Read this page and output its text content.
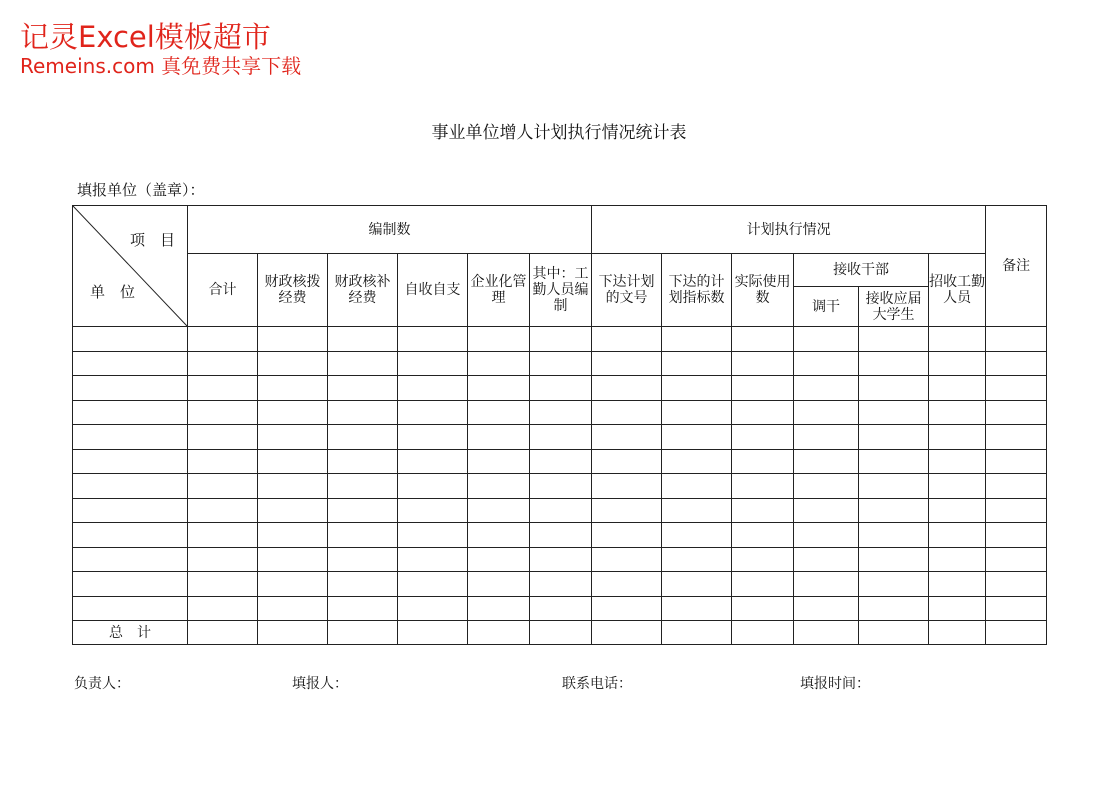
记灵Excel模板超市
Remeins.com 真免费共享下载
事业单位增人计划执行情况统计表
填报单位（盖章）：
项　目
单　位	编制数						计划执行情况						备注
	合计	财政核拨经费	财政核补经费	自收自支	企业化管理	其中：工勤人员编制	下达计划的文号	下达的计划指标数	实际使用数	接收干部		招收工勤人员	
										调干	接收应届大学生		

总　计													
负责人：	填报人：	联系电话：	填报时间：
